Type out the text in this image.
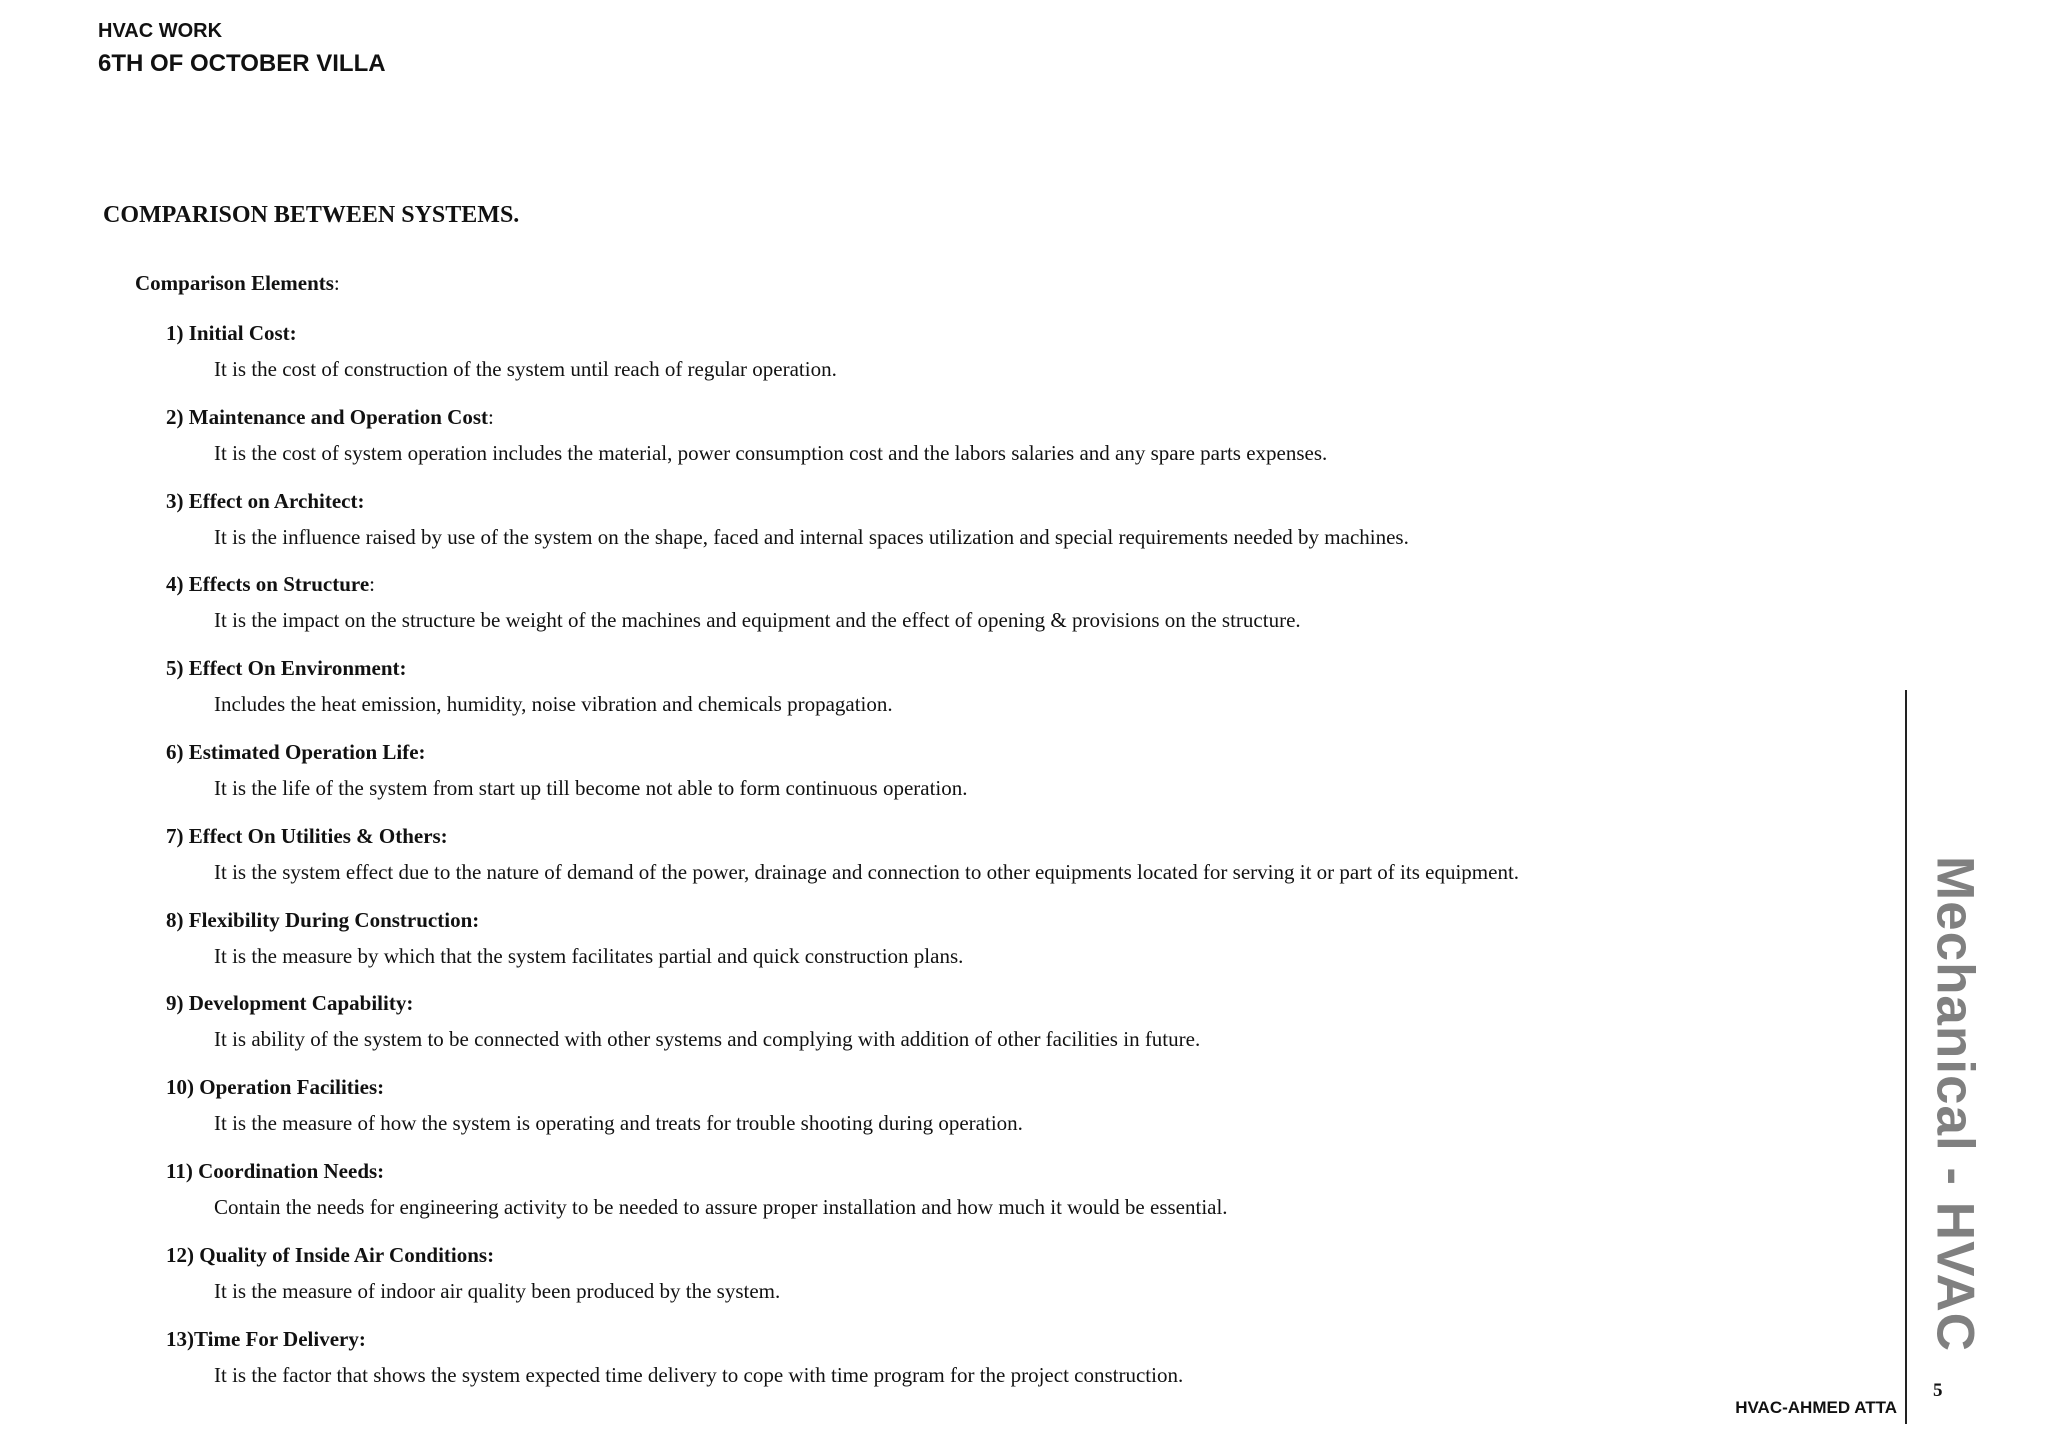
HVAC WORK
6TH OF OCTOBER VILLA
COMPARISON BETWEEN SYSTEMS.
Comparison Elements:
1) Initial Cost:
It is the cost of construction of the system until reach of regular operation.
2) Maintenance and Operation Cost:
It is the cost of system operation includes the material, power consumption cost and the labors salaries and any spare parts expenses.
3) Effect on Architect:
It is the influence raised by use of the system on the shape, faced and internal spaces utilization and special requirements needed by machines.
4) Effects on Structure:
It is the impact on the structure be weight of the machines and equipment and the effect of opening & provisions on the structure.
5) Effect On Environment:
Includes the heat emission, humidity, noise vibration and chemicals propagation.
6) Estimated Operation Life:
It is the life of the system from start up till become not able to form continuous operation.
7) Effect On Utilities & Others:
It is the system effect due to the nature of demand of the power, drainage and connection to other equipments located for serving it or part of its equipment.
8) Flexibility During Construction:
It is the measure by which that the system facilitates partial and quick construction plans.
9) Development Capability:
It is ability of the system to be connected with other systems and complying with addition of other facilities in future.
10) Operation Facilities:
It is the measure of how the system is operating and treats for trouble shooting during operation.
11) Coordination Needs:
Contain the needs for engineering activity to be needed to assure proper installation and how much it would be essential.
12) Quality of Inside Air Conditions:
It is the measure of indoor air quality been produced by the system.
13)Time For Delivery:
It is the factor that shows the system expected time delivery to cope with time program for the project construction.
Mechanical - HVAC
5
HVAC-AHMED ATTA
